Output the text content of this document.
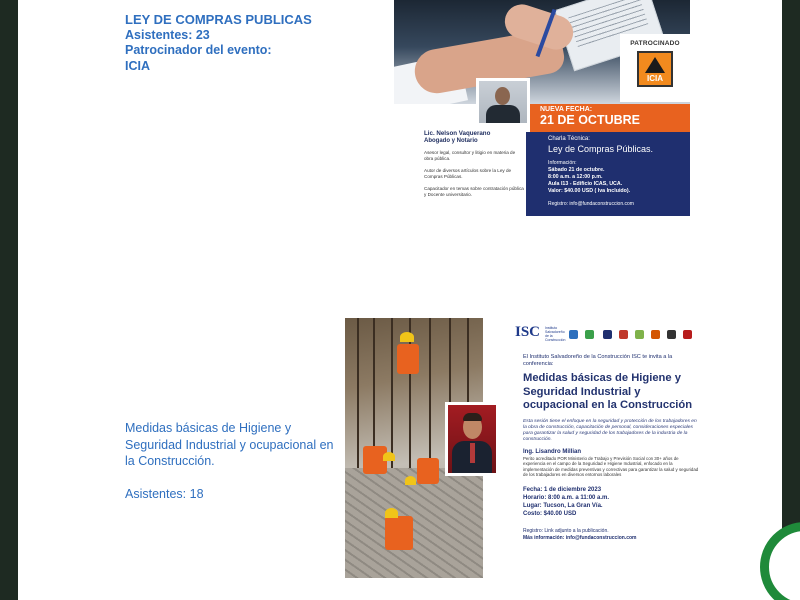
LEY DE COMPRAS PUBLICAS
Asistentes: 23
Patrocinador del evento:
ICIA
PATROCINADO
ICIA
NUEVA FECHA:
21 DE OCTUBRE
Lic. Nelson Vaquerano
Abogado y Notario
Asesor legal, consultor y litigio en materia de obra pública.
Autor de diversos artículos sobre la Ley de Compras Públicas.
Capacitador en temas sobre contratación pública y Docente universitario.
Charla Técnica:
Ley de Compras Públicas.
Información:
Sábado 21 de octubre.
8:00 a.m. a 12:00 p.m.
Aula I13 - Edificio ICAS, UCA.
Valor: $40.00 USD ( Iva Incluido).
Registro: info@fundaconstruccion.com
Medidas básicas de Higiene y Seguridad Industrial y ocupacional en la Construcción.
Asistentes: 18
ISC Instituto Salvadoreño de la Construcción
El Instituto Salvadoreño de la Construcción ISC te invita a la conferencia:
Medidas básicas de Higiene y Seguridad Industrial y ocupacional en la Construcción
Esta sesión tiene el enfoque en la seguridad y protección de los trabajadores en la obra de construcción, capacitación de personal, consideraciones especiales para garantizar la salud y seguridad de los trabajadores de la industria de la construcción.
Ing. Lisandro Millian
Perito acreditado POR Ministerio de Trabajo y Previsión Social con 30+ años de experiencia en el campo de la Seguridad e Higiene Industrial, enfocado en la implementación de medidas preventivas y correctivas para garantizar la salud y seguridad de los trabajadores en diversos entornos laborales
Fecha: 1 de diciembre 2023
Horario: 8:00 a.m. a 11:00 a.m.
Lugar: Tucson, La Gran Vía.
Costo: $40.00 USD
Registro: Link adjunto a la publicación.
Más información: info@fundaconstruccion.com
